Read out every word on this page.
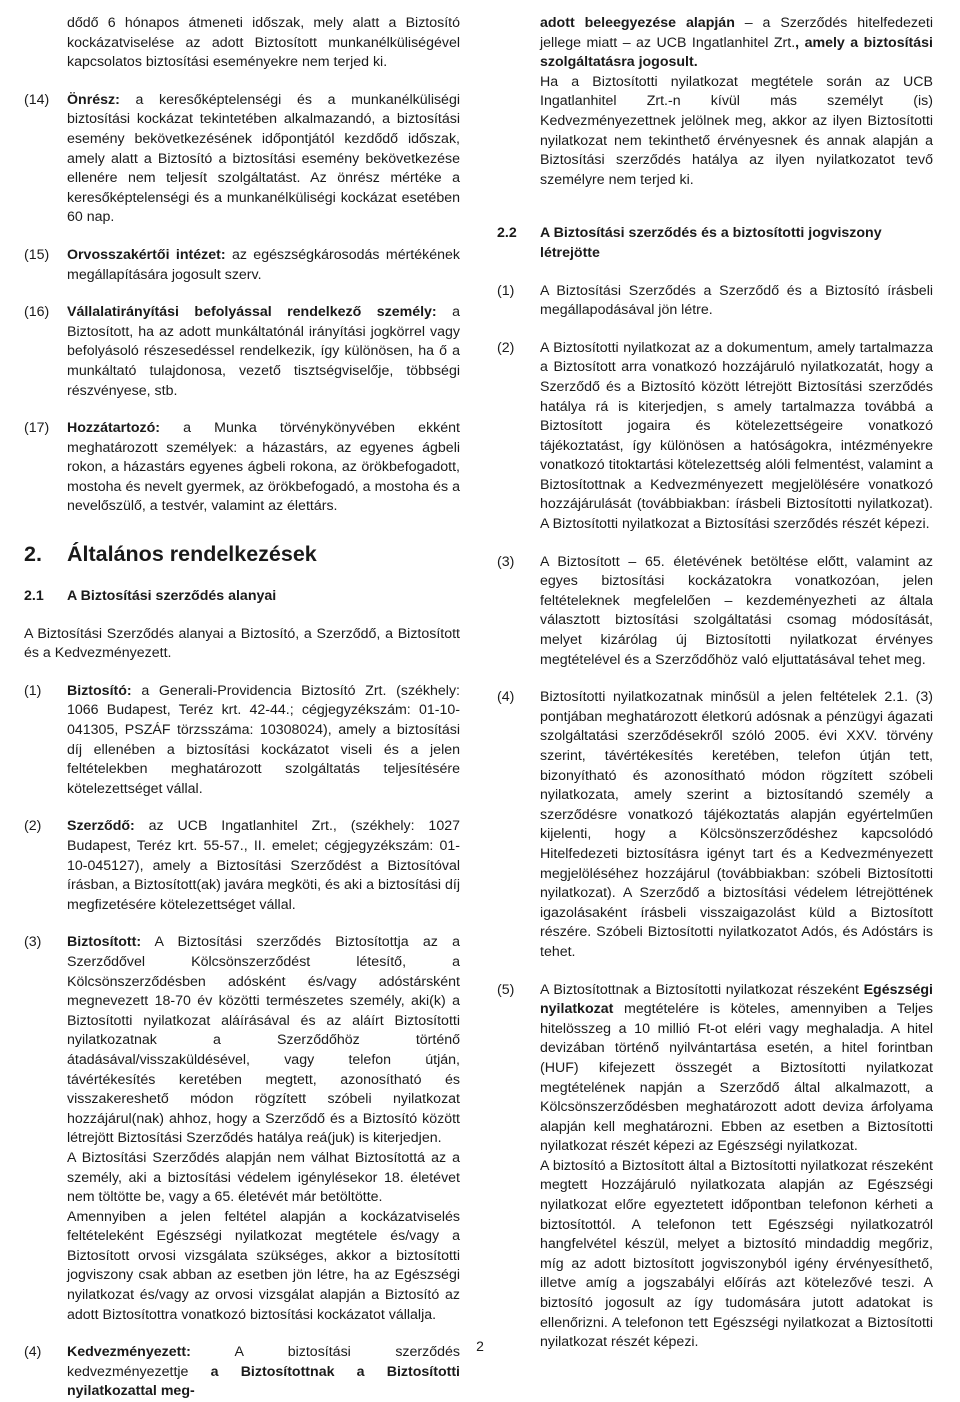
dődő 6 hónapos átmeneti időszak, mely alatt a Biztosító kockázatviselése az adott Biztosított munkanélküliségével kapcsolatos biztosítási eseményekre nem terjed ki.

(14) Önrész: a keresőképtelenségi és a munkanélküliségi biztosítási kockázat tekintetében alkalmazandó, a biztosítási esemény bekövetkezésének időpontjától kezdődő időszak, amely alatt a Biztosító a biztosítási esemény bekövetkezése ellenére nem teljesít szolgáltatást. Az önrész mértéke a keresőképtelenségi és a munkanélküliségi kockázat esetében 60 nap.
(15) Orvosszakértői intézet: az egészségkárosodás mértékének megállapítására jogosult szerv.
(16) Vállalatirányítási befolyással rendelkező személy: a Biztosított, ha az adott munkáltatónál irányítási jogkörrel vagy befolyásoló részesedéssel rendelkezik, így különösen, ha ő a munkáltató tulajdonosa, vezető tisztségviselője, többségi részvényese, stb.
(17) Hozzátartozó: a Munka törvénykönyvében ekként meghatározott személyek: a házastárs, az egyenes ágbeli rokon, a házastárs egyenes ágbeli rokona, az örökbefogadott, mostoha és nevelt gyermek, az örökbefogadó, a mostoha és a nevelőszülő, a testvér, valamint az élettárs.
2. Általános rendelkezések
2.1 A Biztosítási szerződés alanyai

A Biztosítási Szerződés alanyai a Biztosító, a Szerződő, a Biztosított és a Kedvezményezett.

(1) Biztosító: a Generali-Providencia Biztosító Zrt. (székhely: 1066 Budapest, Teréz krt. 42-44.; cégjegyzékszám: 01-10-041305, PSZÁF törzsszáma: 10308024), amely a biztosítási díj ellenében a biztosítási kockázatot viseli és a jelen feltételekben meghatározott szolgáltatás teljesítésére kötelezettséget vállal.
(2) Szerződő: az UCB Ingatlanhitel Zrt., (székhely: 1027 Budapest, Teréz krt. 55-57., II. emelet; cégjegyzékszám: 01-10-045127), amely a Biztosítási Szerződést a Biztosítóval írásban, a Biztosított(ak) javára megköti, és aki a biztosítási díj megfizetésére kötelezettséget vállal.
(3) Biztosított: A Biztosítási szerződés Biztosítottja az a Szerződővel Kölcsönszerződést létesítő, a Kölcsönszerződésben adósként és/vagy adóstársként megnevezett 18-70 év közötti természetes személy, aki(k) a Biztosítotti nyilatkozat aláírásával és az aláírt Biztosítotti nyilatkozatnak a Szerződőhöz történő átadásával/visszaküldésével, vagy telefon útján, távértékesítés keretében megtett, azonosítható és visszakereshető módon rögzített szóbeli nyilatkozat hozzájárul(nak) ahhoz, hogy a Szerződő és a Biztosító között létrejött Biztosítási Szerződés hatálya reá(juk) is kiterjedjen.

A Biztosítási Szerződés alapján nem válhat Biztosítottá az a személy, aki a biztosítási védelem igénylésekor 18. életévet nem töltötte be, vagy a 65. életévét már betöltötte.

Amennyiben a jelen feltétel alapján a kockázatviselés feltételeként Egészségi nyilatkozat megtétele és/vagy a Biztosított orvosi vizsgálata szükséges, akkor a biztosítotti jogviszony csak abban az esetben jön létre, ha az Egészségi nyilatkozat és/vagy az orvosi vizsgálat alapján a Biztosító az adott Biztosítottra vonatkozó biztosítási kockázatot vállalja.

(4) Kedvezményezett: A biztosítási szerződés kedvezményezettje a Biztosítottnak a Biztosítotti nyilatkozattal meg-

adott beleegyezése alapján – a Szerződés hitelfedezeti jellege miatt – az UCB Ingatlanhitel Zrt., amely a biztosítási szolgáltatásra jogosult.

Ha a Biztosítotti nyilatkozat megtétele során az UCB Ingatlanhitel Zrt.-n kívül más személyt (is) Kedvezményezettnek jelölnek meg, akkor az ilyen Biztosítotti nyilatkozat nem tekinthető érvényesnek és annak alapján a Biztosítási szerződés hatálya az ilyen nyilatkozatot tevő személyre nem terjed ki.

2.2 A Biztosítási szerződés és a biztosítotti jogviszony létrejötte
(1) A Biztosítási Szerződés a Szerződő és a Biztosító írásbeli megállapodásával jön létre.
(2) A Biztosítotti nyilatkozat az a dokumentum, amely tartalmazza a Biztosított arra vonatkozó hozzájáruló nyilatkozatát, hogy a Szerződő és a Biztosító között létrejött Biztosítási szerződés hatálya rá is kiterjedjen, s amely tartalmazza továbbá a Biztosított jogaira és kötelezettségeire vonatkozó tájékoztatást, így különösen a hatóságokra, intézményekre vonatkozó titoktartási kötelezettség alóli felmentést, valamint a Biztosítottnak a Kedvezményezett megjelölésére vonatkozó hozzájárulását (továbbiakban: írásbeli Biztosítotti nyilatkozat). A Biztosítotti nyilatkozat a Biztosítási szerződés részét képezi.
(3) A Biztosított – 65. életévének betöltése előtt, valamint az egyes biztosítási kockázatokra vonatkozóan, jelen feltételeknek megfelelően – kezdeményezheti az általa választott biztosítási szolgáltatási csomag módosítását, melyet kizárólag új Biztosítotti nyilatkozat érvényes megtételével és a Szerződőhöz való eljuttatásával tehet meg.
(4) Biztosítotti nyilatkozatnak minősül a jelen feltételek 2.1. (3) pontjában meghatározott életkorú adósnak a pénzügyi ágazati szolgáltatási szerződésekről szóló 2005. évi XXV. törvény szerint, távértékesítés keretében, telefon útján tett, bizonyítható és azonosítható módon rögzített szóbeli nyilatkozata, amely szerint a biztosítandó személy a szerződésre vonatkozó tájékoztatás alapján egyértelműen kijelenti, hogy a Kölcsönszerződéshez kapcsolódó Hitelfedezeti biztosításra igényt tart és a Kedvezményezett megjelöléséhez hozzájárul (továbbiakban: szóbeli Biztosítotti nyilatkozat). A Szerződő a biztosítási védelem létrejöttének igazolásaként írásbeli visszaigazolást küld a Biztosított részére. Szóbeli Biztosítotti nyilatkozatot Adós, és Adóstárs is tehet.
(5) A Biztosítottnak a Biztosítotti nyilatkozat részeként Egészségi nyilatkozat megtételére is köteles, amennyiben a Teljes hitelösszeg a 10 millió Ft-ot eléri vagy meghaladja. A hitel devizában történő nyilvántartása esetén, a hitel forintban (HUF) kifejezett összegét a Biztosítotti nyilatkozat megtételének napján a Szerződő által alkalmazott, a Kölcsönszerződésben meghatározott adott deviza árfolyama alapján kell meghatározni. Ebben az esetben a Biztosítotti nyilatkozat részét képezi az Egészségi nyilatkozat.

A biztosító a Biztosított által a Biztosítotti nyilatkozat részeként megtett Hozzájáruló nyilatkozata alapján az Egészségi nyilatkozat előre egyeztetett időpontban telefonon kérheti a biztosítottól. A telefonon tett Egészségi nyilatkozatról hangfelvétel készül, melyet a biztosító mindaddig megőriz, míg az adott biztosított jogviszonyból igény érvényesíthető, illetve amíg a jogszabályi előírás azt kötelezővé teszi. A biztosító jogosult az így tudomására jutott adatokat is ellenőrizni. A telefonon tett Egészségi nyilatkozat a Biztosítotti nyilatkozat részét képezi.

2
